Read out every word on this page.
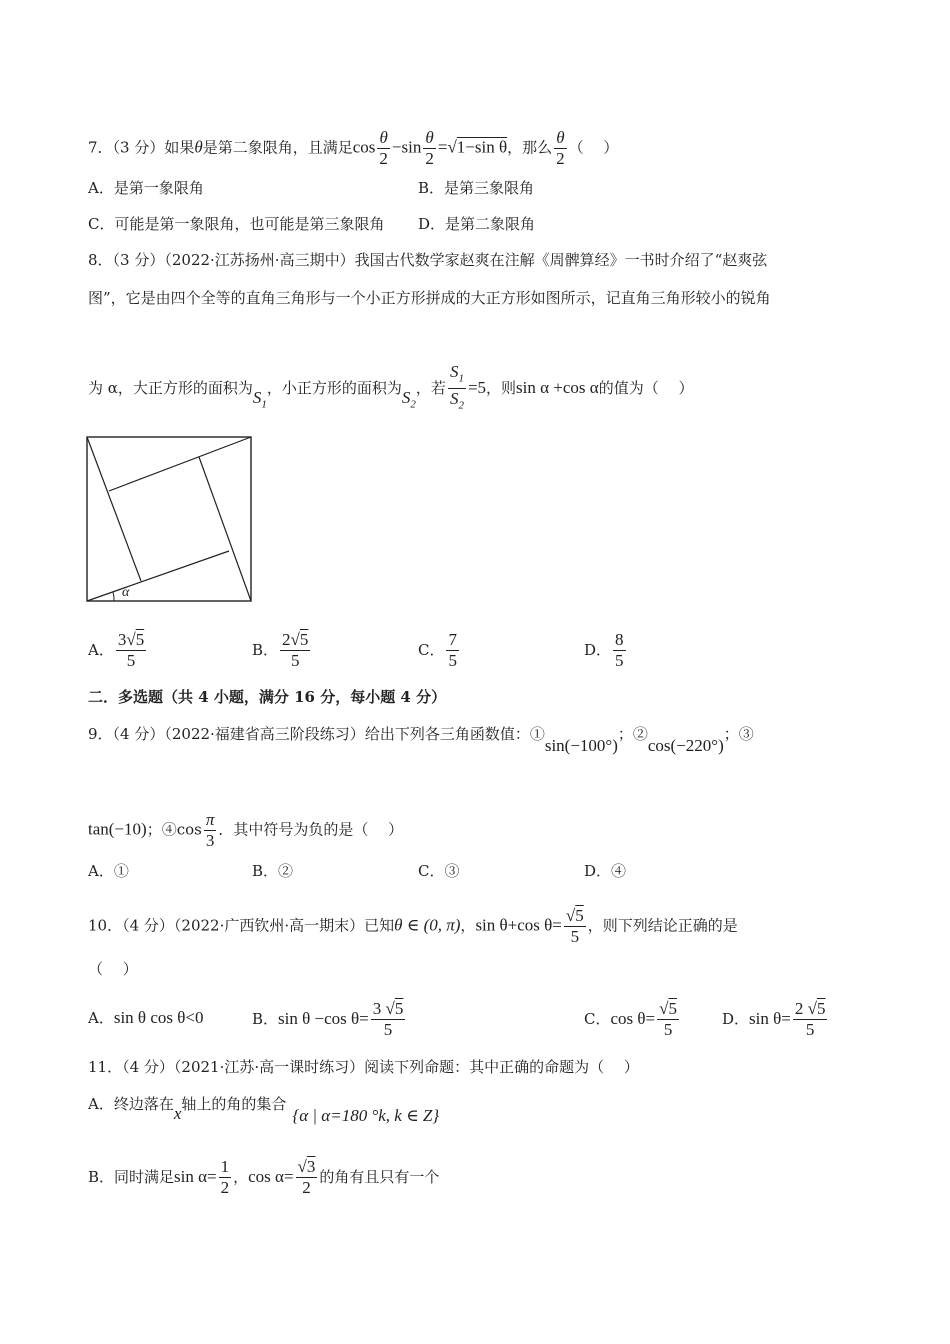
7．（3 分）如果θ是第二象限角，且满足$\cos \frac{\theta}{2} -\sin \frac{\theta}{2} =√1-\sin$ θ，那么 $\frac{\theta}{2}$ （　 ）
A．是第一象限角	B．是第三象限角
C．可能是第一象限角，也可能是第三象限角 D．是第二象限角
8．（3 分）（2022·江苏扬州·高三期中）我国古代数学家赵爽在注解《周髀算经》一书时介绍了“赵爽弦
图”，它是由四个全等的直角三角形与一个小正方形拼成的大正方形如图所示，记直角三角形较小的锐角
为 α，大正方形的面积为$S_1$，小正方形的面积为$S_2$，若 $\frac{S_1}{S_2} =5$，则sin α +cos α的值为（　 ）
α
A． $\frac{3√5}{5}$	B． $\frac{2√5}{5}$	C． $\frac{7}{5}$	D． $\frac{8}{5}$
二．多选题（共 4 小题，满分 16 分，每小题 4 分）
9．（4 分）（2022·福建省高三阶段练习）给出下列各三角函数值：①sin(−100°)；②cos(−220°)；③
tan(−10)；④cos $\frac{\pi}{3}$ ．其中符号为负的是（　 ）
A．①	B．②	C．③	D．④
10．（4 分）（2022·广西钦州·高一期末）已知θ ∈ (0, π)，sin θ+cos $\theta= \frac{√5}{5}$ ，则下列结论正确的是
（　 ）
A．sin θ cos θ<0	B．sin θ −cos $\theta= \frac{3 √5}{5}$	C．$\cos \theta= \frac{√5}{5}$	D．$\sin \theta= \frac{2 √5}{5}$
11．（4 分）（2021·江苏·高一课时练习）阅读下列命题：其中正确的命题为（　 ）
A．终边落在x轴上的角的集合{α | α=180 °k, k ∈ Z}
B．同时满足$\sin \alpha= \frac{1}{2}$ ，$\cos \alpha= \frac{√3}{2}$ 的角有且只有一个
